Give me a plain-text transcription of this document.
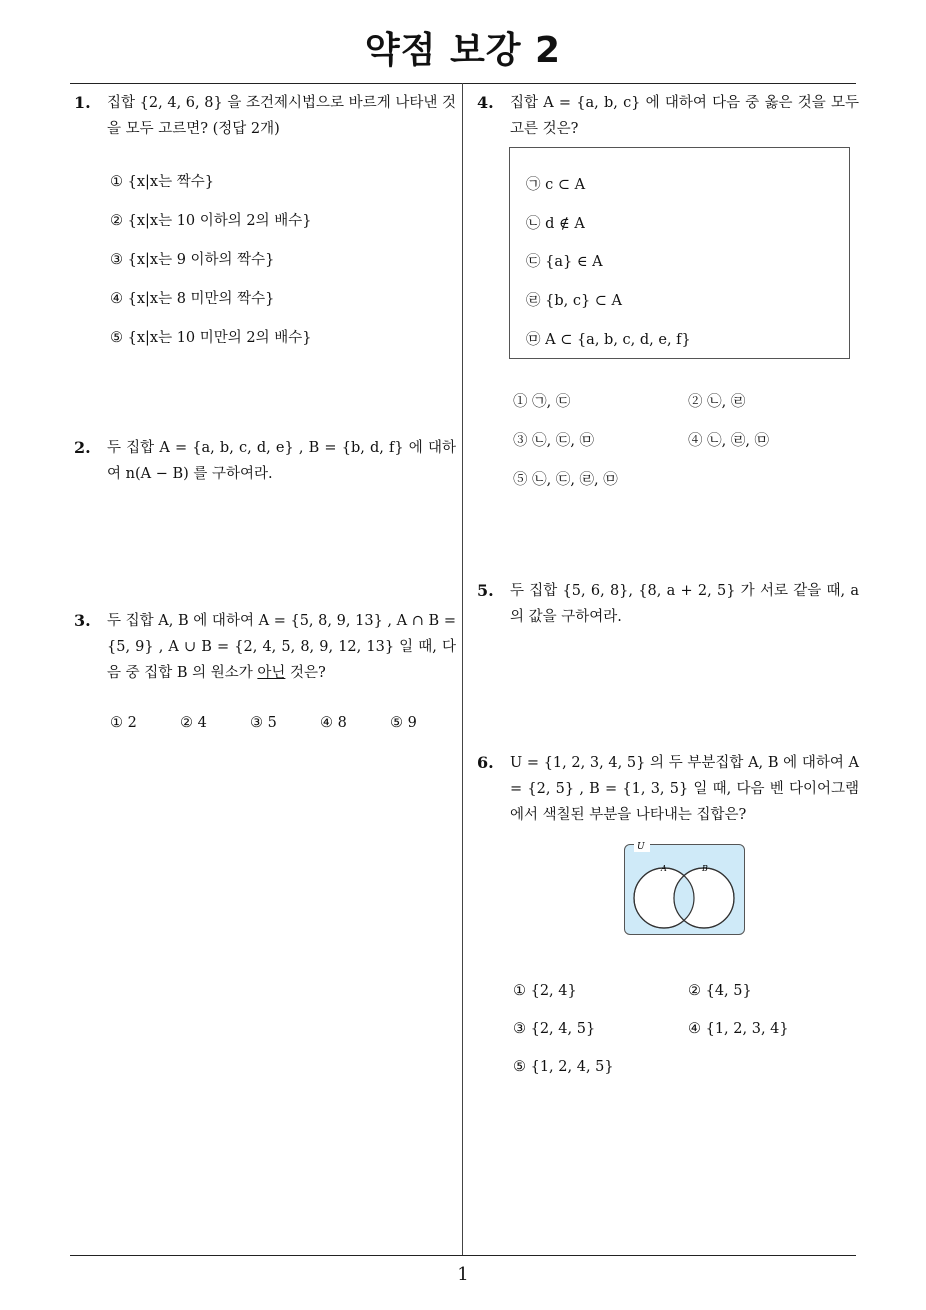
약점 보강 2
1. 집합 {2, 4, 6, 8} 을 조건제시법으로 바르게 나타낸 것을 모두 고르면? (정답 2개)
① {x|x는 짝수}
② {x|x는 10 이하의 2의 배수}
③ {x|x는 9 이하의 짝수}
④ {x|x는 8 미만의 짝수}
⑤ {x|x는 10 미만의 2의 배수}
2. 두 집합 A = {a, b, c, d, e} , B = {b, d, f} 에 대하여 n(A − B) 를 구하여라.
3. 두 집합 A, B 에 대하여 A = {5, 8, 9, 13} , A ∩ B = {5, 9} , A ∪ B = {2, 4, 5, 8, 9, 12, 13} 일 때, 다음 중 집합 B 의 원소가 아닌 것은?
① 2	② 4	③ 5	④ 8	⑤ 9
4. 집합 A = {a, b, c} 에 대하여 다음 중 옳은 것을 모두 고른 것은?
㉠ c ⊂ A
㉡ d ∉ A
㉢ {a} ∈ A
㉣ {b, c} ⊂ A
㉤ A ⊂ {a, b, c, d, e, f}
① ㉠, ㉢	② ㉡, ㉣
③ ㉡, ㉢, ㉤	④ ㉡, ㉣, ㉤
⑤ ㉡, ㉢, ㉣, ㉤
5. 두 집합 {5, 6, 8}, {8, a + 2, 5} 가 서로 같을 때, a 의 값을 구하여라.
6. U = {1, 2, 3, 4, 5} 의 두 부분집합 A, B 에 대하여 A = {2, 5} , B = {1, 3, 5} 일 때, 다음 벤 다이어그램에서 색칠된 부분을 나타내는 집합은?
U
A	B
① {2, 4}	② {4, 5}
③ {2, 4, 5}	④ {1, 2, 3, 4}
⑤ {1, 2, 4, 5}
1
